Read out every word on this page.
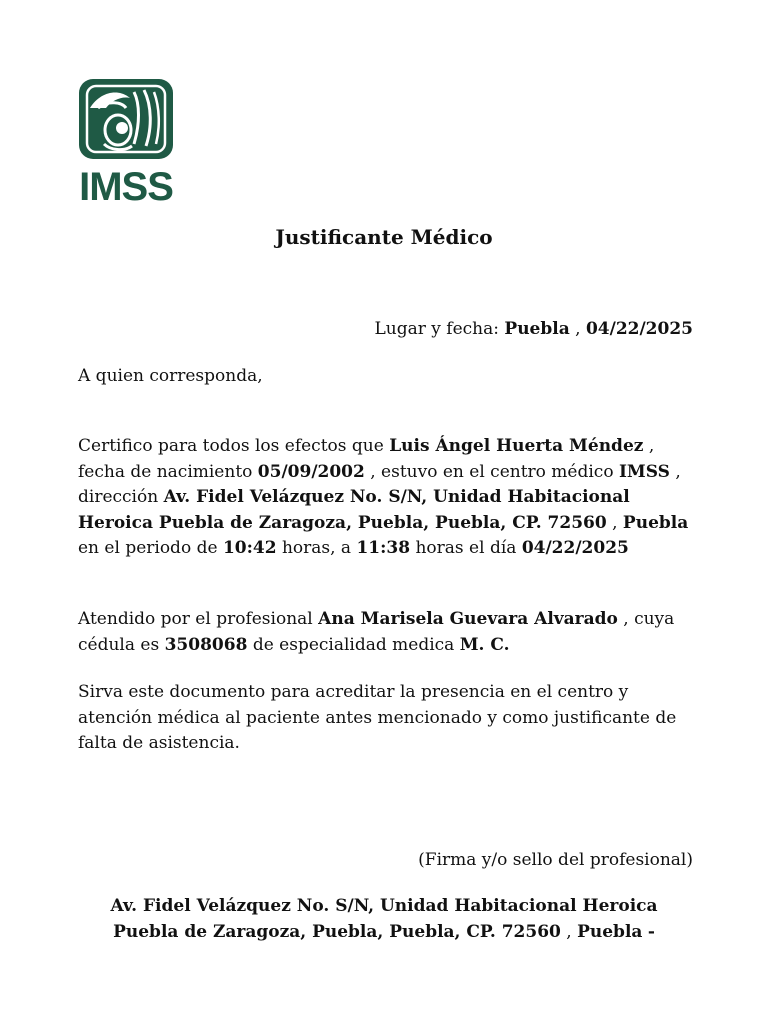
IMSS
Justificante Médico
Lugar y fecha: Puebla , 04/22/2025
A quien corresponda,
Certifico para todos los efectos que Luis Ángel Huerta Méndez , fecha de nacimiento 05/09/2002 , estuvo en el centro médico IMSS , dirección Av. Fidel Velázquez No. S/N, Unidad Habitacional Heroica Puebla de Zaragoza, Puebla, Puebla, CP. 72560 , Puebla en el periodo de 10:42 horas, a 11:38 horas el día 04/22/2025
Atendido por el profesional Ana Marisela Guevara Alvarado , cuya cédula es 3508068 de especialidad medica M. C.
Sirva este documento para acreditar la presencia en el centro y atención médica al paciente antes mencionado y como justificante de falta de asistencia.
(Firma y/o sello del profesional)
Av. Fidel Velázquez No. S/N, Unidad Habitacional Heroica Puebla de Zaragoza, Puebla, Puebla, CP. 72560 , Puebla -
